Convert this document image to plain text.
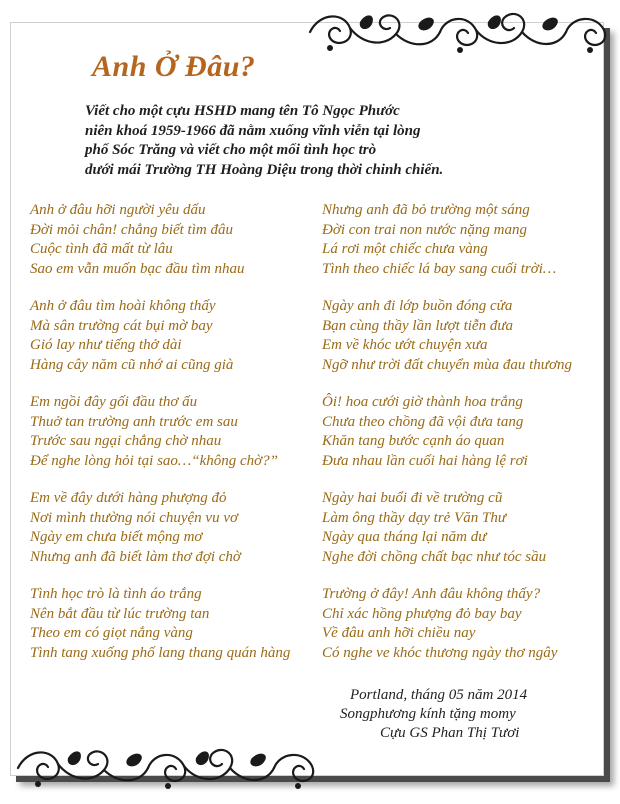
Anh Ở Đâu?
Viết cho một cựu HSHD mang tên Tô Ngọc Phước
niên khoá 1959-1966 đã nằm xuống vĩnh viễn tại lòng
phố Sóc Trăng và viết cho một mối tình học trò
dưới mái Trường TH Hoàng Diệu trong thời chinh chiến.
Anh ở đâu hỡi người yêu dấu
Đời mỏi chân! chẳng biết tìm đâu
Cuộc tình đã mất từ lâu
Sao em vẫn muốn bạc đầu tìm nhau
Anh ở đâu tìm hoài không thấy
Mà sân trường cát bụi mờ bay
Gió lay như tiếng thở dài
Hàng cây năm cũ nhớ ai cũng già
Em ngồi đây gối đầu thơ ấu
Thuở tan trường anh trước em sau
Trước sau ngại chẳng chờ nhau
Để nghe lòng hỏi tại sao…“không chờ?”
Em về đây dưới hàng phượng đỏ
Nơi mình thường nói chuyện vu vơ
Ngày em chưa biết mộng mơ
Nhưng anh đã biết làm thơ đợi chờ
Tình học trò là tình áo trắng
Nên bắt đầu từ lúc trường tan
Theo em có giọt nắng vàng
Tình tang xuống phố lang thang quán hàng
Nhưng anh đã bỏ trường một sáng
Đời con trai non nước nặng mang
Lá rơi một chiếc chưa vàng
Tình theo chiếc lá bay sang cuối trời…
Ngày anh đi lớp buồn đóng cửa
Bạn cùng thầy lần lượt tiễn đưa
Em về khóc ướt chuyện xưa
Ngỡ như trời đất chuyển mùa đau thương
Ôi! hoa cưới giờ thành hoa trắng
Chưa theo chồng đã vội đưa tang
Khăn tang bước cạnh áo quan
Đưa nhau lần cuối hai hàng lệ rơi
Ngày hai buổi đi về trường cũ
Làm ông thầy dạy trẻ Văn Thư
Ngày qua tháng lại năm dư
Nghe đời chồng chất bạc như tóc sầu
Trường ở đây! Anh đâu không thấy?
Chỉ xác hồng phượng đỏ bay bay
Về đâu anh hỡi chiều nay
Có nghe ve khóc thương ngày thơ ngây
Portland, tháng 05 năm 2014
Songphương kính tặng momy
Cựu GS Phan Thị Tươi
